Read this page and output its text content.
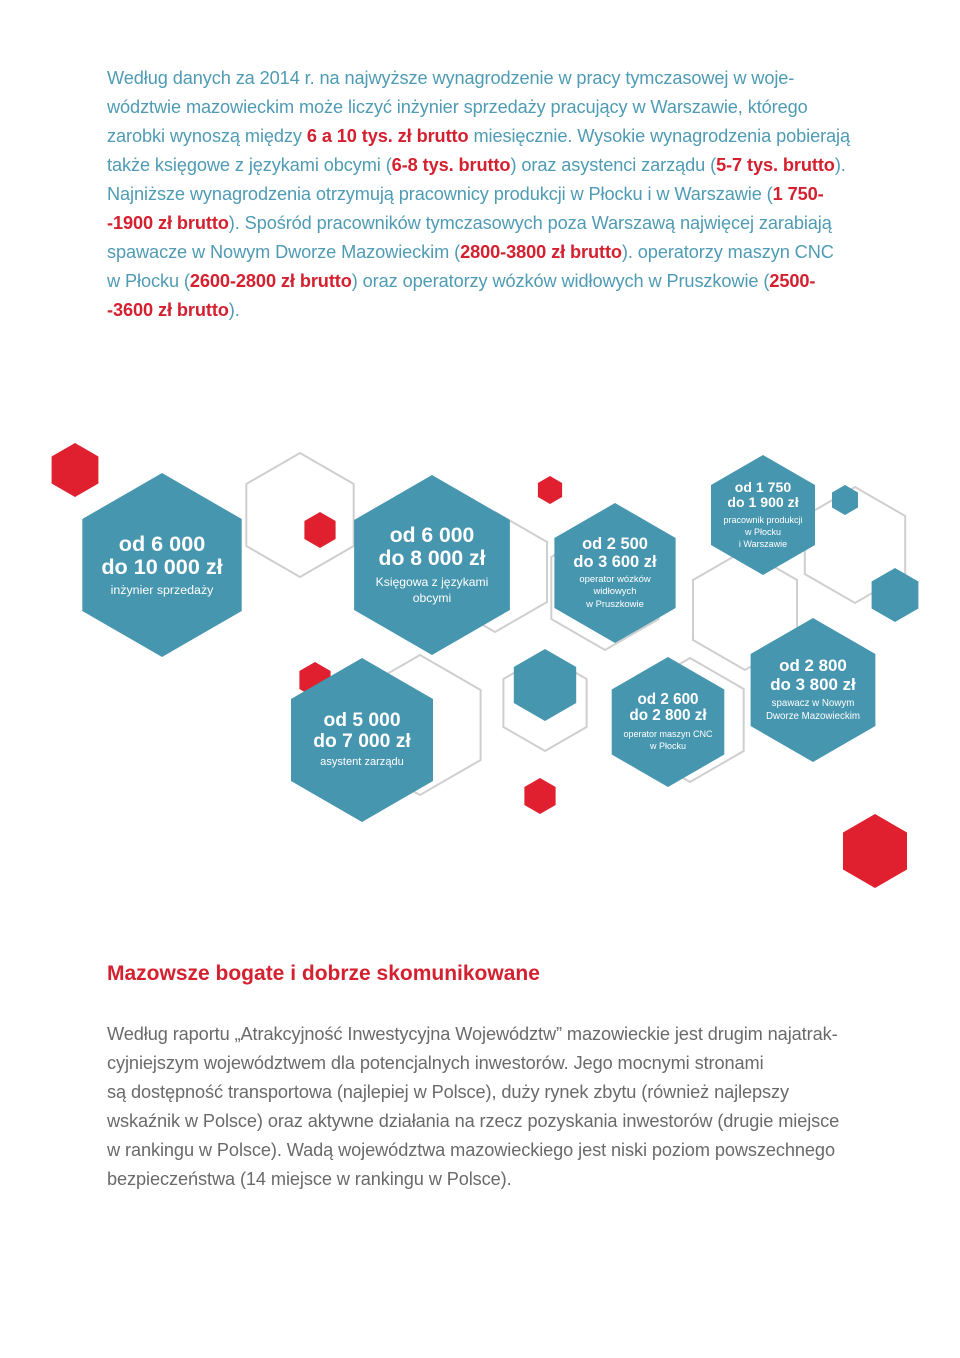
Według danych za 2014 r. na najwyższe wynagrodzenie w pracy tymczasowej w woje-
wództwie mazowieckim może liczyć inżynier sprzedaży pracujący w Warszawie, którego
zarobki wynoszą między 6 a 10 tys. zł brutto miesięcznie. Wysokie wynagrodzenia pobierają
także księgowe z językami obcymi (6-8 tys. brutto) oraz asystenci zarządu (5-7 tys. brutto).
Najniższe wynagrodzenia otrzymują pracownicy produkcji w Płocku i w Warszawie (1 750-
-1900 zł brutto). Spośród pracowników tymczasowych poza Warszawą najwięcej zarabiają
spawacze w Nowym Dworze Mazowieckim (2800-3800 zł brutto). operatorzy maszyn CNC
w Płocku (2600-2800 zł brutto) oraz operatorzy wózków widłowych w Pruszkowie (2500-
-3600 zł brutto).
od 6 000
do 10 000 zł
inżynier sprzedaży
od 6 000
do 8 000 zł
Księgowa z językami
obcymi
od 2 500
do 3 600 zł
operator wózków
widłowych
w Pruszkowie
od 1 750
do 1 900 zł
pracownik produkcji
w Płocku
i Warszawie
od 5 000
do 7 000 zł
asystent zarządu
od 2 600
do 2 800 zł
operator maszyn CNC
w Płocku
od 2 800
do 3 800 zł
spawacz w Nowym
Dworze Mazowieckim
Mazowsze bogate i dobrze skomunikowane
Według raportu „Atrakcyjność Inwestycyjna Województw” mazowieckie jest drugim najatrak-
cyjniejszym województwem dla potencjalnych inwestorów. Jego mocnymi stronami
są dostępność transportowa (najlepiej w Polsce), duży rynek zbytu (również najlepszy
wskaźnik w Polsce) oraz aktywne działania na rzecz pozyskania inwestorów (drugie miejsce
w rankingu w Polsce). Wadą województwa mazowieckiego jest niski poziom powszechnego
bezpieczeństwa (14 miejsce w rankingu w Polsce).
